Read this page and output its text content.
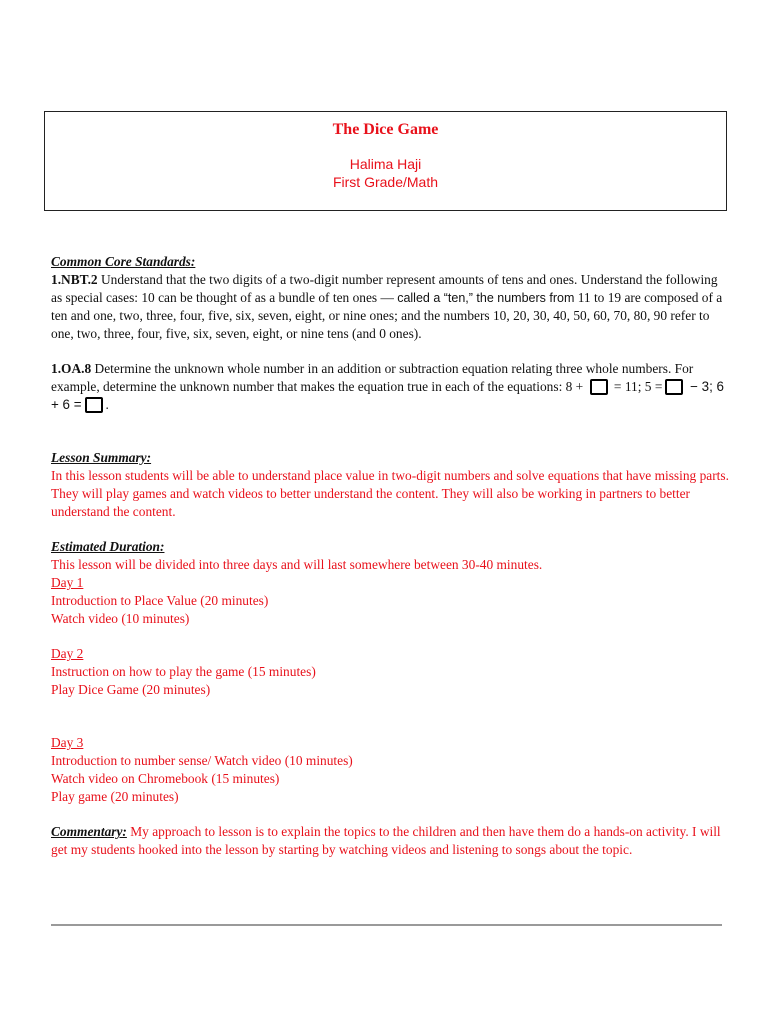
The Dice Game
Halima Haji
First Grade/Math

Common Core Standards:
1.NBT.2 Understand that the two digits of a two-digit number represent amounts of tens and ones. Understand the following as special cases: 10 can be thought of as a bundle of ten ones — called a “ten,” the numbers from 11 to 19 are composed of a ten and one, two, three, four, five, six, seven, eight, or nine ones; and the numbers 10, 20, 30, 40, 50, 60, 70, 80, 90 refer to one, two, three, four, five, six, seven, eight, or nine tens (and 0 ones).

1.OA.8 Determine the unknown whole number in an addition or subtraction equation relating three whole numbers. For example, determine the unknown number that makes the equation true in each of the equations: 8 +  = 11; 5 = − 3; 6 + 6 = .

Lesson Summary:
In this lesson students will be able to understand place value in two-digit numbers and solve equations that have missing parts. They will play games and watch videos to better understand the content. They will also be working in partners to better understand the content.

Estimated Duration:
This lesson will be divided into three days and will last somewhere between 30-40 minutes.
Day 1
Introduction to Place Value (20 minutes)
Watch video (10 minutes)

Day 2
Instruction on how to play the game (15 minutes)
Play Dice Game (20 minutes)

Day 3
Introduction to number sense/ Watch video (10 minutes)
Watch video on Chromebook (15 minutes)
Play game (20 minutes)

Commentary: My approach to lesson is to explain the topics to the children and then have them do a hands-on activity. I will get my students hooked into the lesson by starting by watching videos and listening to songs about the topic.
